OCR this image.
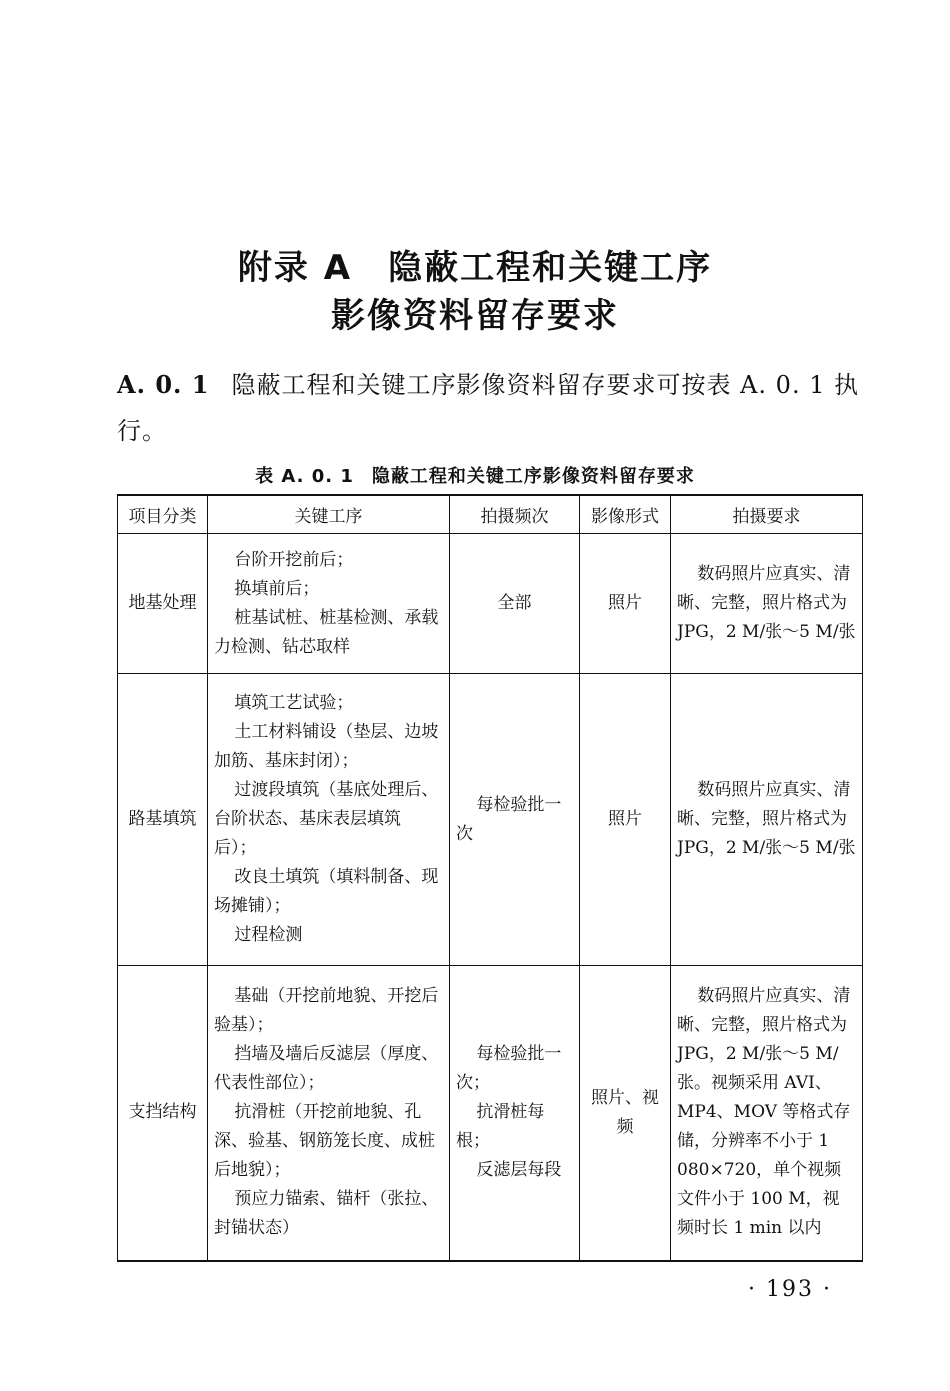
附录 A　隐蔽工程和关键工序
影像资料留存要求
A. 0. 1 隐蔽工程和关键工序影像资料留存要求可按表 A. 0. 1 执行。
表 A. 0. 1 隐蔽工程和关键工序影像资料留存要求
项目分类	关键工序	拍摄频次	影像形式	拍摄要求
地基处理	台阶开挖前后；
换填前后；
桩基试桩、桩基检测、承载力检测、钻芯取样	全部	照片	数码照片应真实、清晰、完整，照片格式为 JPG，2 M/张～5 M/张
路基填筑	填筑工艺试验；
土工材料铺设（垫层、边坡加筋、基床封闭）；
过渡段填筑（基底处理后、台阶状态、基床表层填筑后）；
改良土填筑（填料制备、现场摊铺）；
过程检测	每检验批一次	照片	数码照片应真实、清晰、完整，照片格式为 JPG，2 M/张～5 M/张
支挡结构	基础（开挖前地貌、开挖后验基）；
挡墙及墙后反滤层（厚度、代表性部位）；
抗滑桩（开挖前地貌、孔深、验基、钢筋笼长度、成桩后地貌）；
预应力锚索、锚杆（张拉、封锚状态）	每检验批一次；
抗滑桩每根；
反滤层每段	照片、视频	数码照片应真实、清晰、完整，照片格式为 JPG，2 M/张～5 M/张。视频采用 AVI、MP4、MOV 等格式存储，分辨率不小于 1 080×720，单个视频文件小于 100 M，视频时长 1 min 以内
· 193 ·
